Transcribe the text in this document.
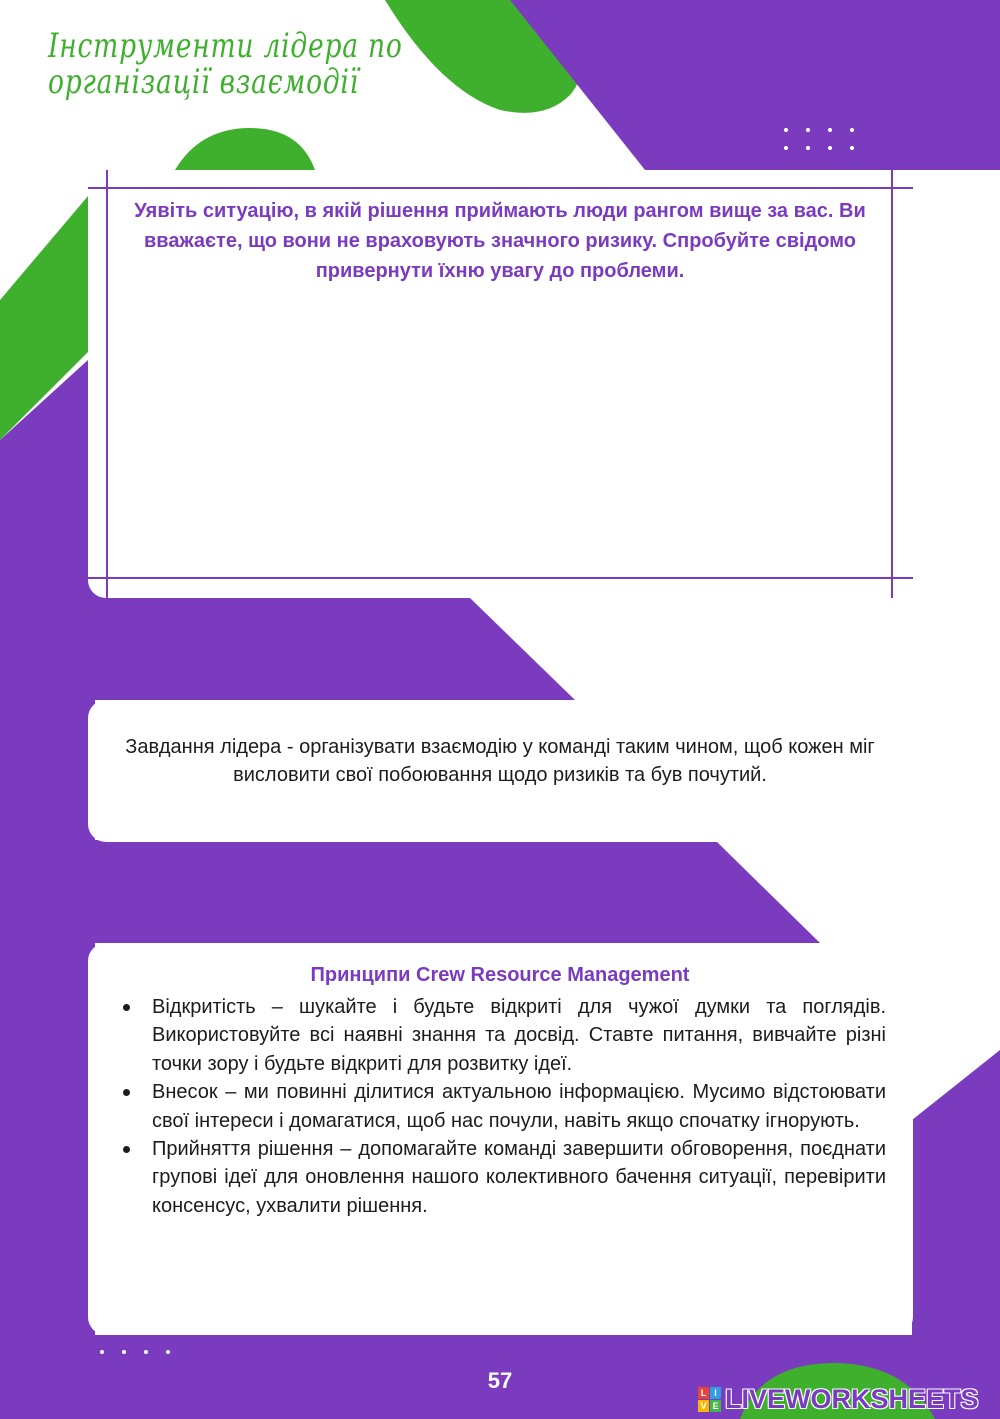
Інструменти лідера по організації взаємодії
Уявіть ситуацію, в якій рішення приймають люди рангом вище за вас. Ви вважаєте, що вони не враховують значного ризику. Спробуйте свідомо привернути їхню увагу до проблеми.
Завдання лідера - організувати взаємодію у команді таким чином, щоб кожен міг висловити свої побоювання щодо ризиків та був почутий.
Принципи Crew Resource Management
Відкритість – шукайте і будьте відкриті для чужої думки та поглядів. Використовуйте всі наявні знання та досвід. Ставте питання, вивчайте різні точки зору і будьте відкриті для розвитку ідеї.
Внесок – ми повинні ділитися актуальною інформацією. Мусимо відстоювати свої інтереси і домагатися, щоб нас почули, навіть якщо спочатку ігнорують.
Прийняття рішення – допомагайте команді завершити обговорення, поєднати групові ідеї для оновлення нашого колективного бачення ситуації, перевірити консенсус, ухвалити рішення.
57	L I
V E LIVEWORKSHEETS
